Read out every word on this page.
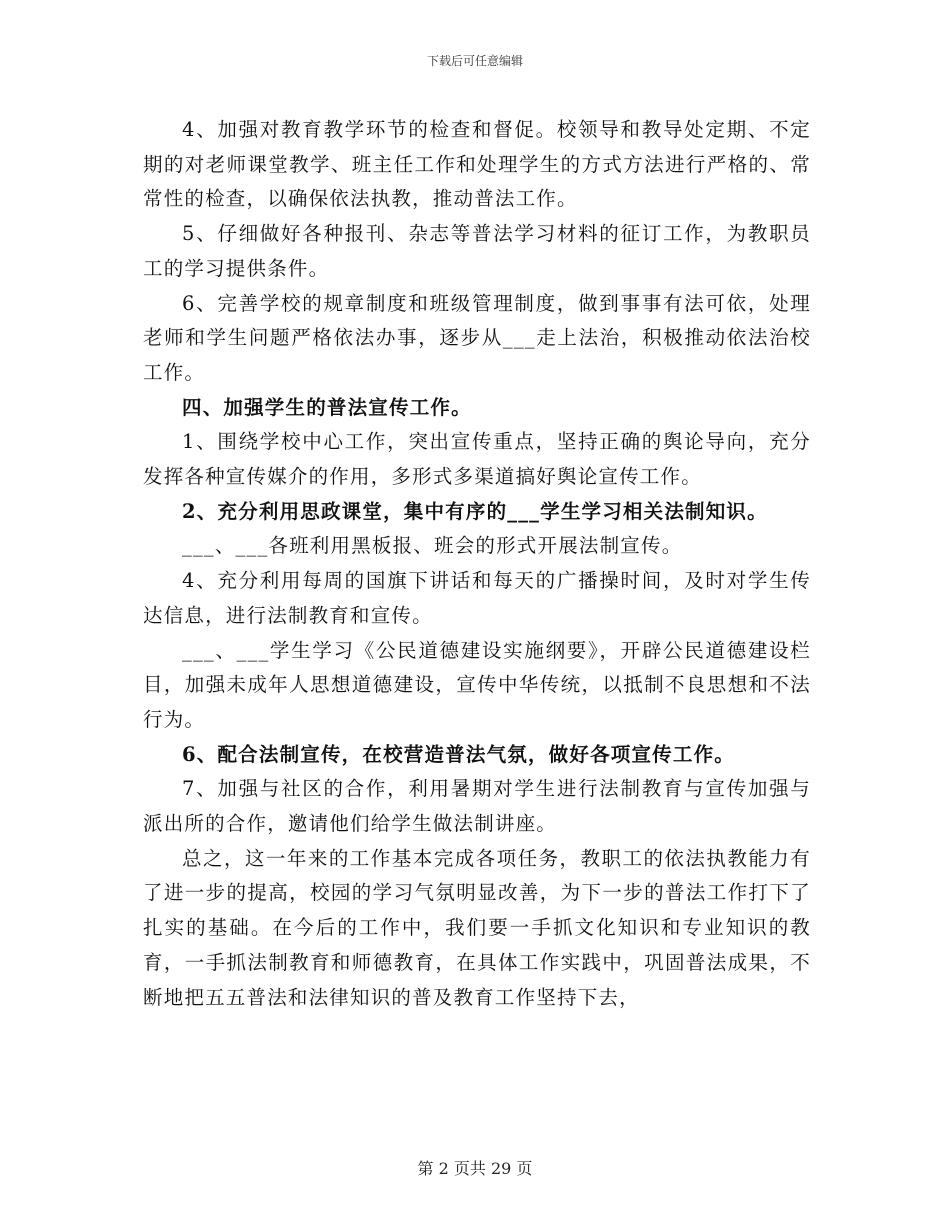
下载后可任意编辑

4、加强对教育教学环节的检查和督促。校领导和教导处定期、不定期的对老师课堂教学、班主任工作和处理学生的方式方法进行严格的、常常性的检查，以确保依法执教，推动普法工作。

5、仔细做好各种报刊、杂志等普法学习材料的征订工作，为教职员工的学习提供条件。

6、完善学校的规章制度和班级管理制度，做到事事有法可依，处理老师和学生问题严格依法办事，逐步从___走上法治，积极推动依法治校工作。

四、加强学生的普法宣传工作。

1、围绕学校中心工作，突出宣传重点，坚持正确的舆论导向，充分发挥各种宣传媒介的作用，多形式多渠道搞好舆论宣传工作。

2、充分利用思政课堂，集中有序的___学生学习相关法制知识。

___、___各班利用黑板报、班会的形式开展法制宣传。

4、充分利用每周的国旗下讲话和每天的广播操时间，及时对学生传达信息，进行法制教育和宣传。

___、___学生学习《公民道德建设实施纲要》，开辟公民道德建设栏目，加强未成年人思想道德建设，宣传中华传统，以抵制不良思想和不法行为。

6、配合法制宣传，在校营造普法气氛，做好各项宣传工作。

7、加强与社区的合作，利用暑期对学生进行法制教育与宣传加强与派出所的合作，邀请他们给学生做法制讲座。

总之，这一年来的工作基本完成各项任务，教职工的依法执教能力有了进一步的提高，校园的学习气氛明显改善，为下一步的普法工作打下了扎实的基础。在今后的工作中，我们要一手抓文化知识和专业知识的教育，一手抓法制教育和师德教育，在具体工作实践中，巩固普法成果，不断地把五五普法和法律知识的普及教育工作坚持下去，

第 2 页共 29 页
